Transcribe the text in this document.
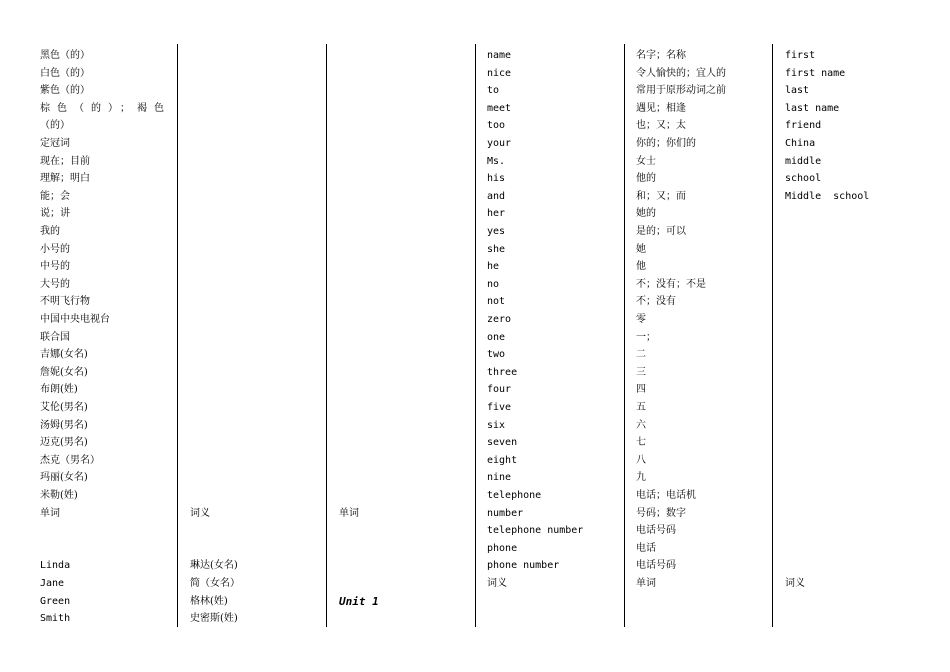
黑色（的）
白色（的）
紫色（的）
棕色（的）；褐色
（的）
定冠词
现在；目前
理解；明白
能；会
说；讲
我的
小号的
中号的
大号的
不明飞行物
中国中央电视台
联合国
吉娜(女名)
詹妮(女名)
布朗(姓)
艾伦(男名)
汤姆(男名)
迈克(男名)
杰克（男名）
玛丽(女名)
米勒(姓)
单词
Linda
Jane
Green
Smith
词义
琳达(女名)
简（女名）
格林(姓)
史密斯(姓)
单词
Unit 1
name
nice
to
meet
too
your
Ms.
his
and
her
yes
she
he
no
not
zero
one
two
three
four
five
six
seven
eight
nine
telephone
number
telephone number
phone
phone number
词义
名字；名称
令人愉快的；宜人的
常用于原形动词之前
遇见；相逢
也；又；太
你的；你们的
女士
他的
和；又；而
她的
是的；可以
她
他
不；没有；不是
不；没有
零
一；
二
三
四
五
六
七
八
九
电话；电话机
号码；数字
电话号码
电话
电话号码
单词
first
first name
last
last name
friend
China
middle
school
Middle  school
词义
